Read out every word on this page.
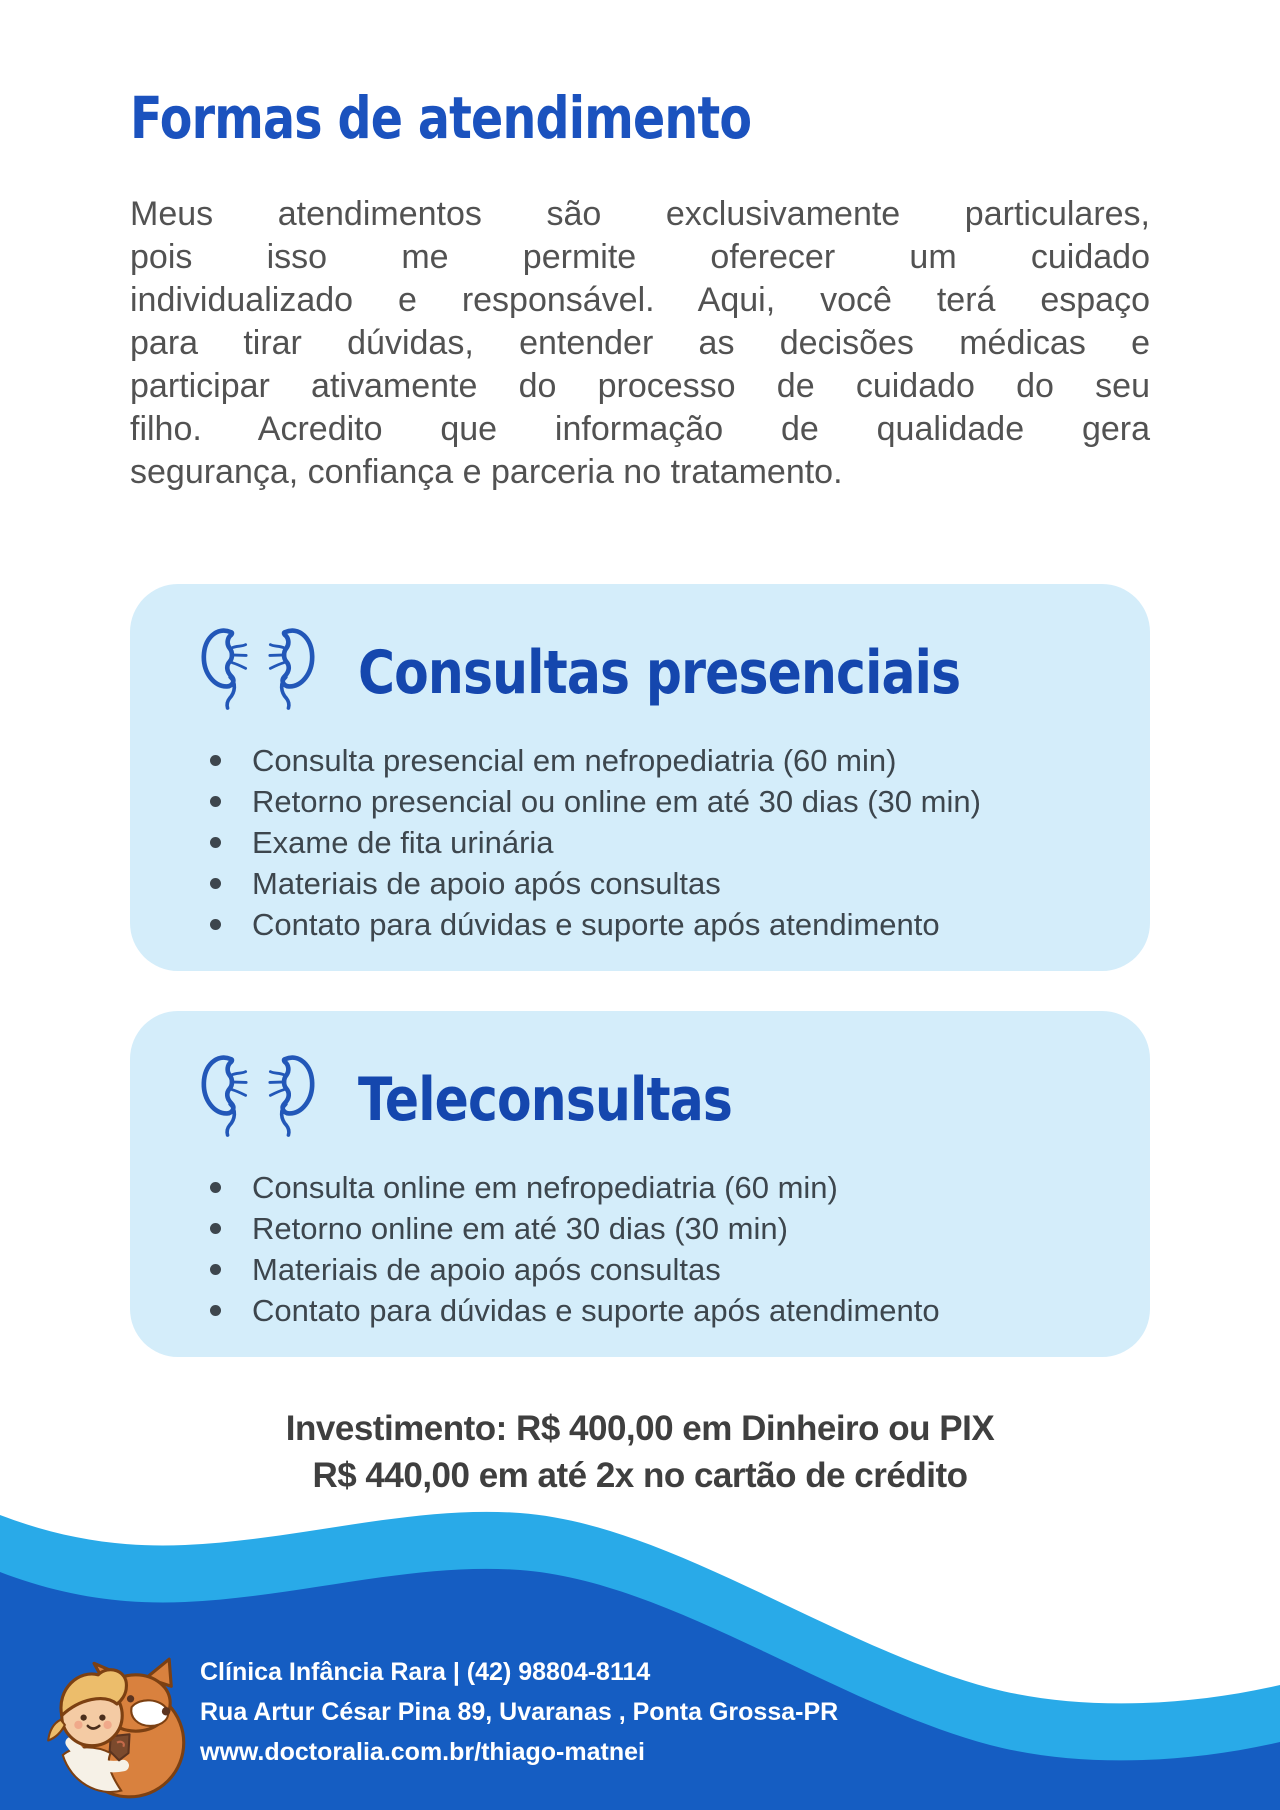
Formas de atendimento
Meus atendimentos são exclusivamente particulares,
pois isso me permite oferecer um cuidado
individualizado e responsável. Aqui, você terá espaço
para tirar dúvidas, entender as decisões médicas e
participar ativamente do processo de cuidado do seu
filho. Acredito que informação de qualidade gera
segurança, confiança e parceria no tratamento.
Consultas presenciais
Consulta presencial em nefropediatria (60 min)
Retorno presencial ou online em até 30 dias (30 min)
Exame de fita urinária
Materiais de apoio após consultas
Contato para dúvidas e suporte após atendimento
Teleconsultas
Consulta online em nefropediatria (60 min)
Retorno online em até 30 dias (30 min)
Materiais de apoio após consultas
Contato para dúvidas e suporte após atendimento
Investimento: R$ 400,00 em Dinheiro ou PIX
R$ 440,00 em até 2x no cartão de crédito
Clínica Infância Rara | (42) 98804-8114
Rua Artur César Pina 89, Uvaranas , Ponta Grossa-PR
www.doctoralia.com.br/thiago-matnei
